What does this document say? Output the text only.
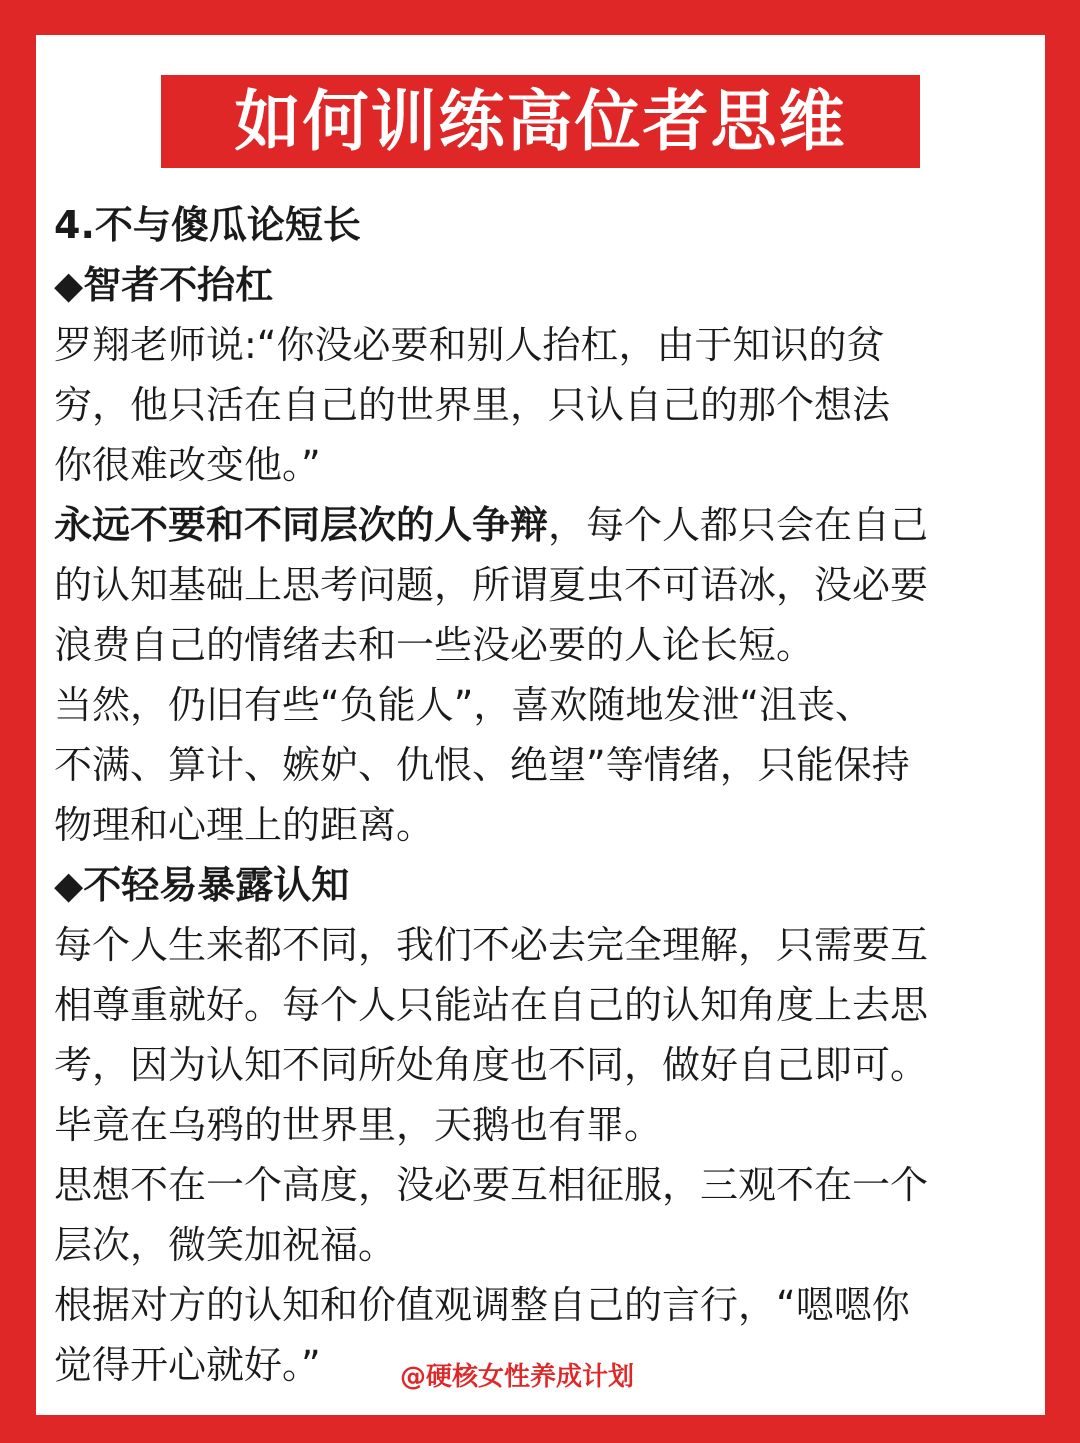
如何训练高位者思维
4.不与傻瓜论短长
◆智者不抬杠
罗翔老师说:“你没必要和别人抬杠，由于知识的贫
穷，他只活在自己的世界里，只认自己的那个想法
你很难改变他。”
永远不要和不同层次的人争辩，每个人都只会在自己
的认知基础上思考问题，所谓夏虫不可语冰，没必要
浪费自己的情绪去和一些没必要的人论长短。
当然，仍旧有些“负能人”，喜欢随地发泄“沮丧、
不满、算计、嫉妒、仇恨、绝望”等情绪，只能保持
物理和心理上的距离。
◆不轻易暴露认知
每个人生来都不同，我们不必去完全理解，只需要互
相尊重就好。每个人只能站在自己的认知角度上去思
考，因为认知不同所处角度也不同，做好自己即可。
毕竟在乌鸦的世界里，天鹅也有罪。
思想不在一个高度，没必要互相征服，三观不在一个
层次，微笑加祝福。
根据对方的认知和价值观调整自己的言行，“嗯嗯你
觉得开心就好。”	@硬核女性养成计划
